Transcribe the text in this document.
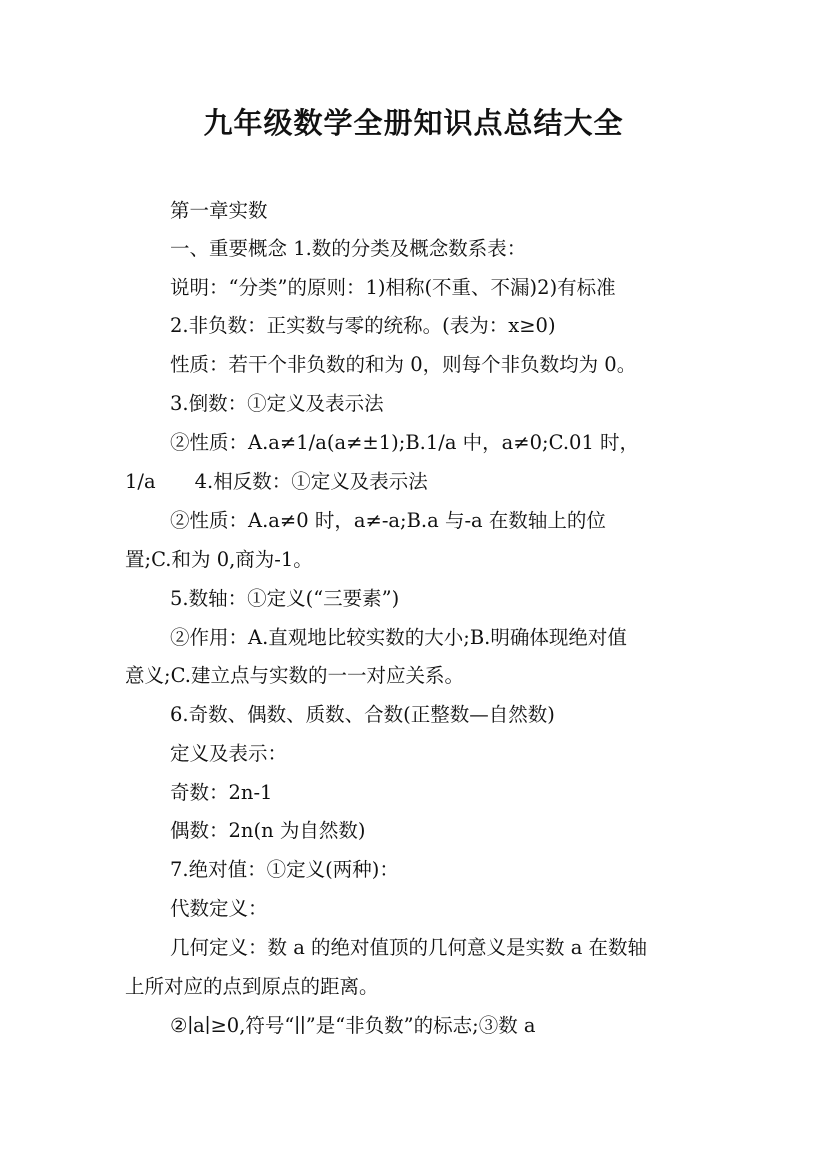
九年级数学全册知识点总结大全

第一章实数

一、重要概念 1.数的分类及概念数系表：

说明：“分类”的原则：1)相称(不重、不漏)2)有标准

2.非负数：正实数与零的统称。(表为：x≥0)

性质：若干个非负数的和为 0，则每个非负数均为 0。

3.倒数：①定义及表示法

②性质：A.a≠1/a(a≠±1);B.1/a 中，a≠0;C.01 时，

1/a　　4.相反数：①定义及表示法

②性质：A.a≠0 时，a≠-a;B.a 与-a 在数轴上的位

置;C.和为 0,商为-1。

5.数轴：①定义(“三要素”)

②作用：A.直观地比较实数的大小;B.明确体现绝对值

意义;C.建立点与实数的一一对应关系。

6.奇数、偶数、质数、合数(正整数—自然数)

定义及表示：

奇数：2n-1

偶数：2n(n 为自然数)

7.绝对值：①定义(两种)：

代数定义：

几何定义：数 a 的绝对值顶的几何意义是实数 a 在数轴

上所对应的点到原点的距离。

②∣a∣≥0,符号“∣∣”是“非负数”的标志;③数 a
